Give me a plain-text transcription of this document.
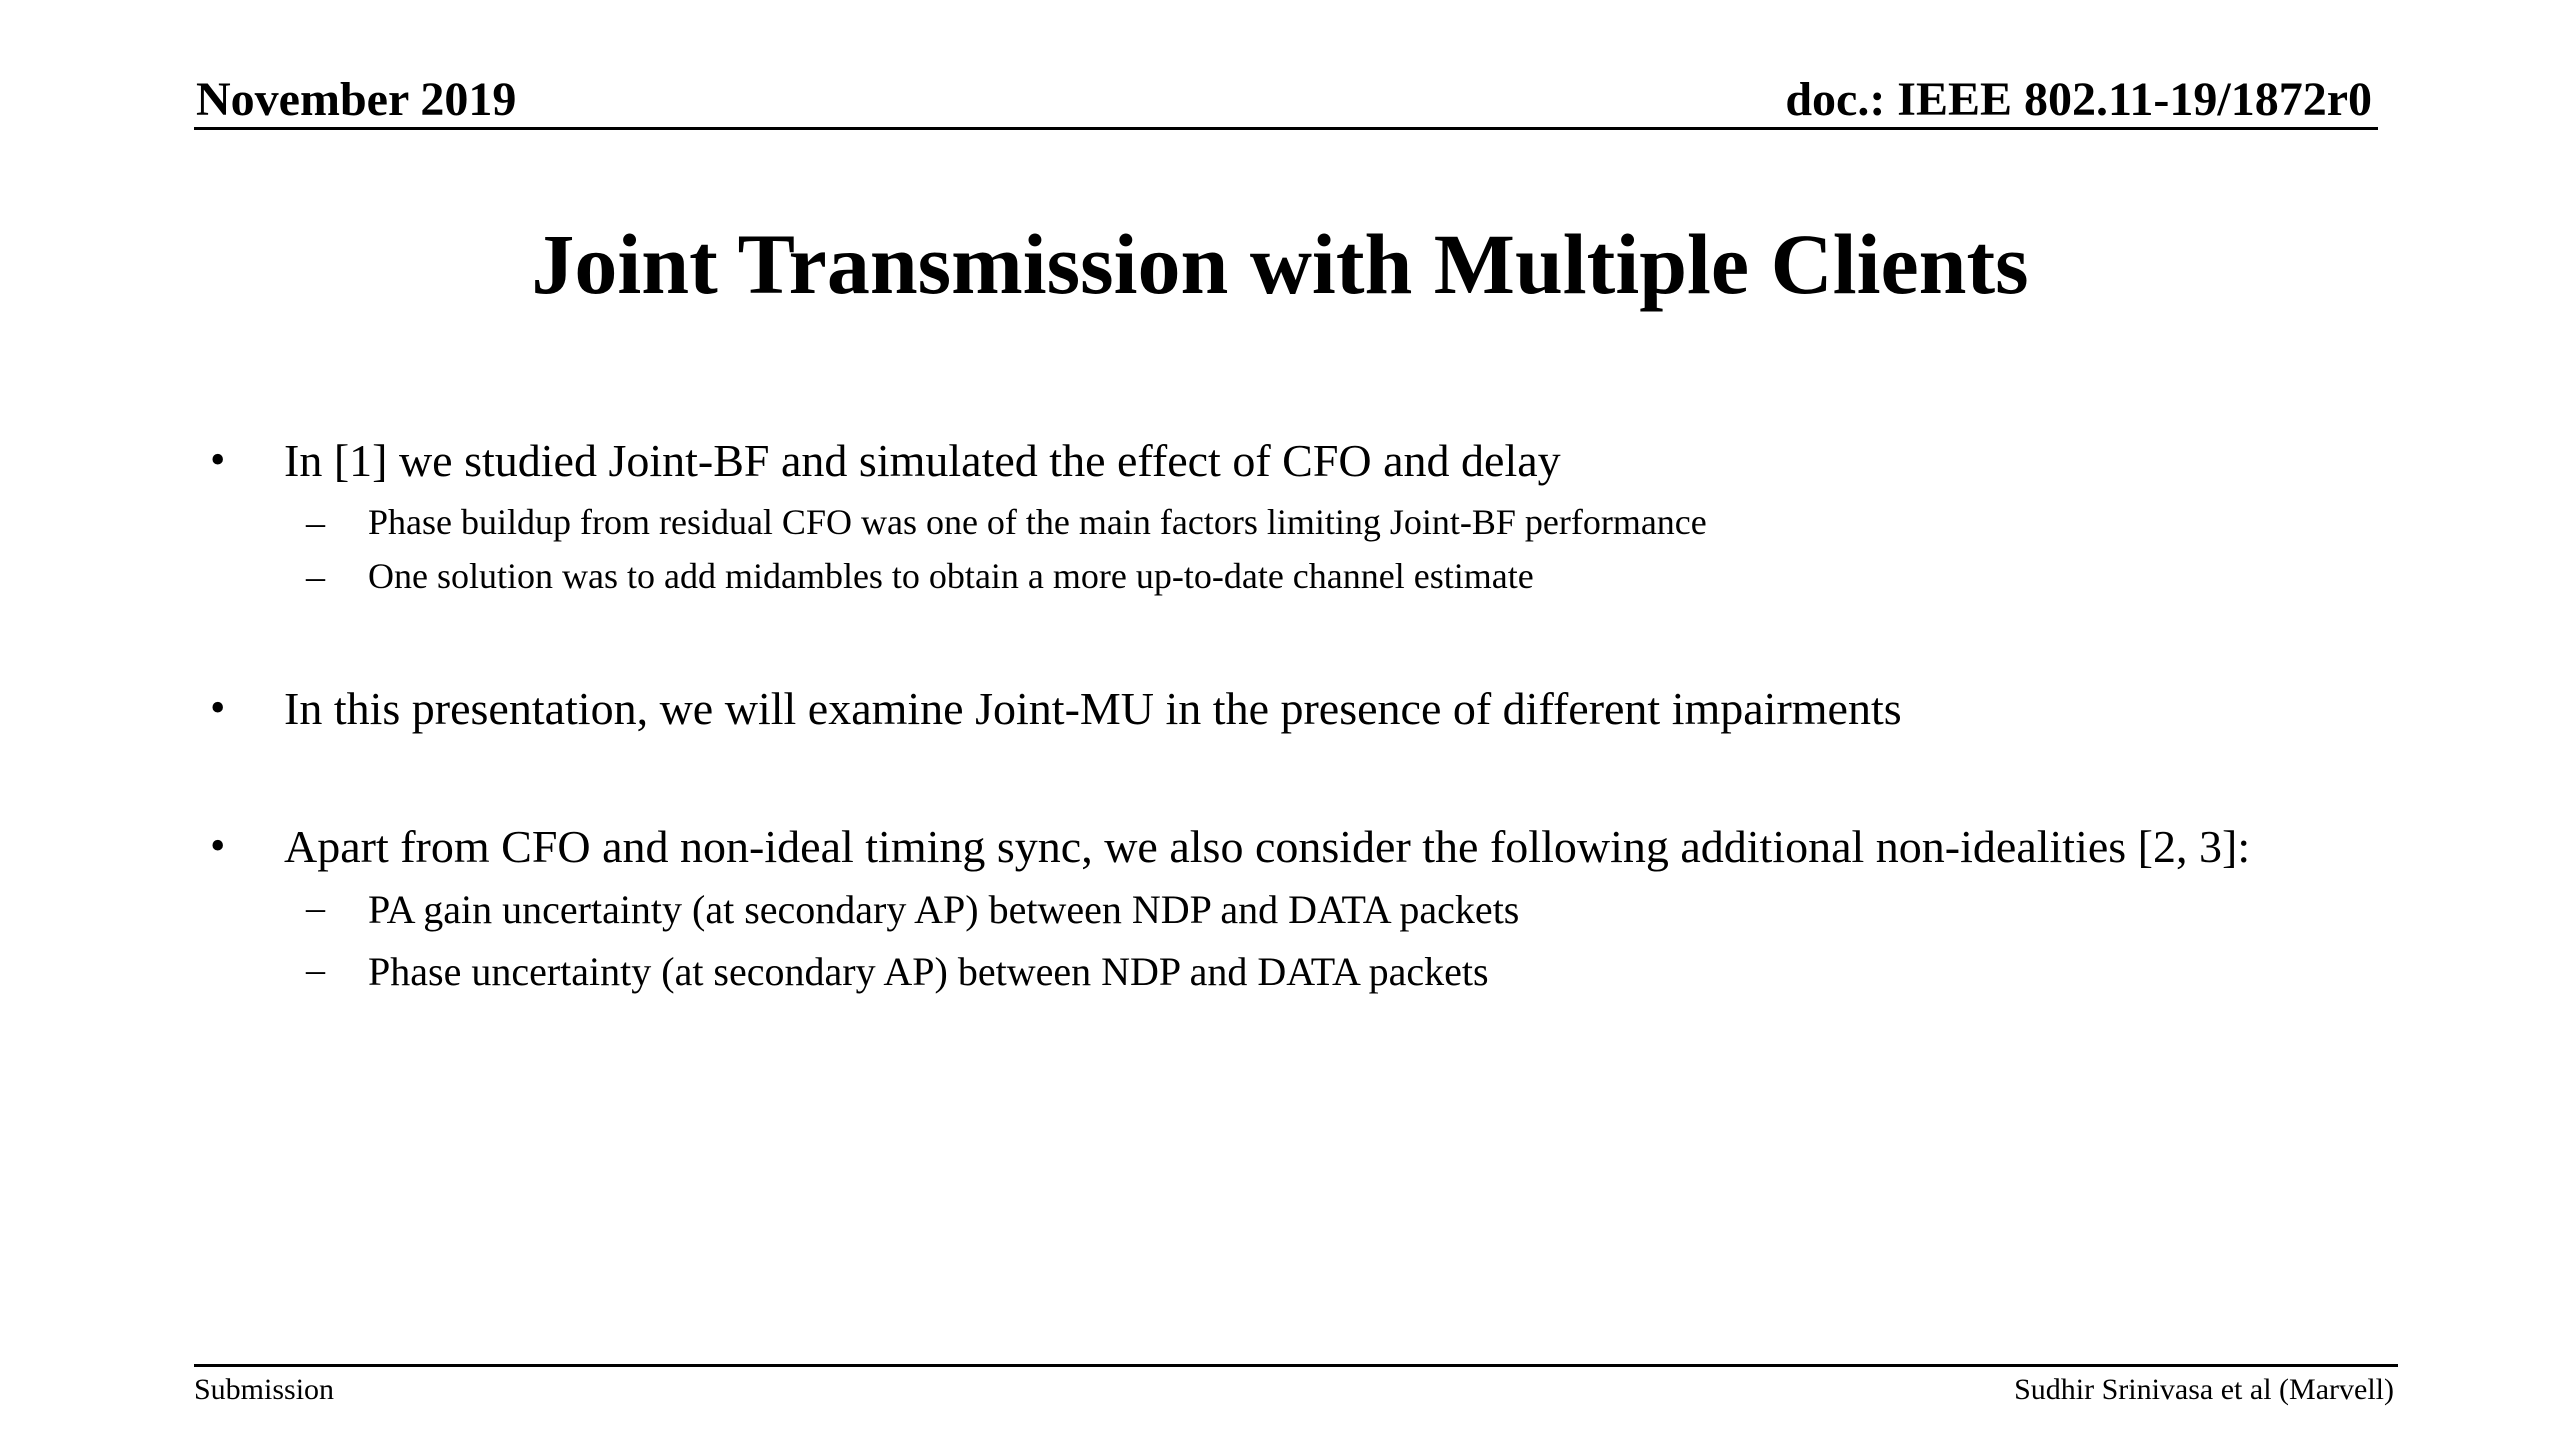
November 2019	doc.: IEEE 802.11-19/1872r0
Joint Transmission with Multiple Clients
• In [1] we studied Joint-BF and simulated the effect of CFO and delay
– Phase buildup from residual CFO was one of the main factors limiting Joint-BF performance
– One solution was to add midambles to obtain a more up-to-date channel estimate
• In this presentation, we will examine Joint-MU in the presence of different impairments
• Apart from CFO and non-ideal timing sync, we also consider the following additional non-idealities [2, 3]:
– PA gain uncertainty (at secondary AP) between NDP and DATA packets
– Phase uncertainty (at secondary AP) between NDP and DATA packets
Submission	Sudhir Srinivasa et al (Marvell)
